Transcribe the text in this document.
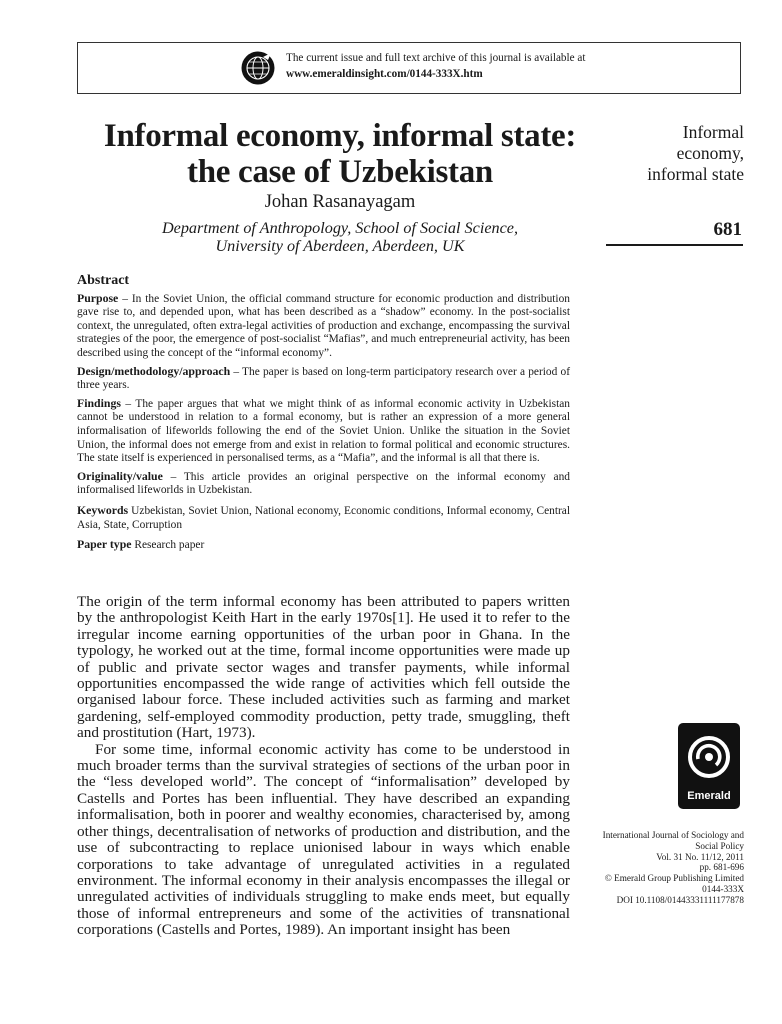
The current issue and full text archive of this journal is available at
www.emeraldinsight.com/0144-333X.htm
Informal economy, informal state:
the case of Uzbekistan
Johan Rasanayagam
Department of Anthropology, School of Social Science,
University of Aberdeen, Aberdeen, UK
Informal
economy,
informal state
681
Abstract

Purpose – In the Soviet Union, the official command structure for economic production and distribution gave rise to, and depended upon, what has been described as a “shadow” economy. In the post-socialist context, the unregulated, often extra-legal activities of production and exchange, encompassing the survival strategies of the poor, the emergence of post-socialist “Mafias”, and much entrepreneurial activity, has been described using the concept of the “informal economy”.

Design/methodology/approach – The paper is based on long-term participatory research over a period of three years.

Findings – The paper argues that what we might think of as informal economic activity in Uzbekistan cannot be understood in relation to a formal economy, but is rather an expression of a more general informalisation of lifeworlds following the end of the Soviet Union. Unlike the situation in the Soviet Union, the informal does not emerge from and exist in relation to formal political and economic structures. The state itself is experienced in personalised terms, as a “Mafia”, and the informal is all that there is.

Originality/value – This article provides an original perspective on the informal economy and informalised lifeworlds in Uzbekistan.

Keywords Uzbekistan, Soviet Union, National economy, Economic conditions, Informal economy, Central Asia, State, Corruption

Paper type Research paper

The origin of the term informal economy has been attributed to papers written by the anthropologist Keith Hart in the early 1970s[1]. He used it to refer to the irregular income earning opportunities of the urban poor in Ghana. In the typology, he worked out at the time, formal income opportunities were made up of public and private sector wages and transfer payments, while informal opportunities encompassed the wide range of activities which fell outside the organised labour force. These included activities such as farming and market gardening, self-employed commodity production, petty trade, smuggling, theft and prostitution (Hart, 1973).

For some time, informal economic activity has come to be understood in much broader terms than the survival strategies of sections of the urban poor in the “less developed world”. The concept of “informalisation” developed by Castells and Portes has been influential. They have described an expanding informalisation, both in poorer and wealthy economies, characterised by, among other things, decentralisation of networks of production and distribution, and the use of subcontracting to replace unionised labour in ways which enable corporations to take advantage of unregulated activities in a regulated environment. The informal economy in their analysis encompasses the illegal or unregulated activities of individuals struggling to make ends meet, but equally those of informal entrepreneurs and some of the activities of transnational corporations (Castells and Portes, 1989). An important insight has been

Emerald
International Journal of Sociology and
Social Policy
Vol. 31 No. 11/12, 2011
pp. 681-696
© Emerald Group Publishing Limited
0144-333X
DOI 10.1108/01443331111177878
